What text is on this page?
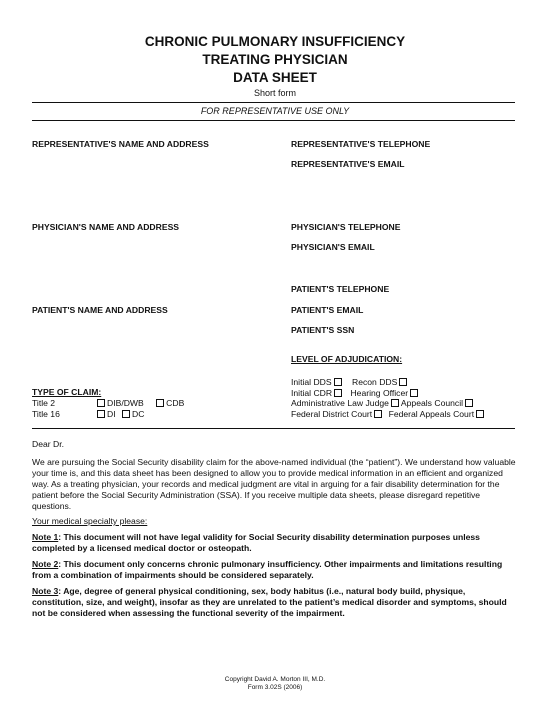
CHRONIC PULMONARY INSUFFICIENCY
TREATING PHYSICIAN
DATA SHEET
Short form
FOR REPRESENTATIVE USE ONLY
REPRESENTATIVE'S NAME AND ADDRESS	REPRESENTATIVE'S TELEPHONE
REPRESENTATIVE'S EMAIL
PHYSICIAN'S NAME AND ADDRESS	PHYSICIAN'S TELEPHONE
PHYSICIAN'S EMAIL
PATIENT'S TELEPHONE
PATIENT'S NAME AND ADDRESS	PATIENT'S EMAIL
PATIENT'S SSN
LEVEL OF ADJUDICATION:
Initial DDS Recon DDS
Initial CDR Hearing Officer
Administrative Law Judge Appeals Council
Federal District Court Federal Appeals Court
TYPE OF CLAIM:
Title 2	DIB/DWB	CDB
Title 16	DI DC
Dear Dr.
We are pursuing the Social Security disability claim for the above-named individual (the “patient”). We understand how valuable your time is, and this data sheet has been designed to allow you to provide medical information in an efficient and organized way. As a treating physician, your records and medical judgment are vital in arguing for a fair disability determination for the patient before the Social Security Administration (SSA). If you receive multiple data sheets, please disregard repetitive questions.
Your medical specialty please:
Note 1: This document will not have legal validity for Social Security disability determination purposes unless completed by a licensed medical doctor or osteopath.
Note 2: This document only concerns chronic pulmonary insufficiency. Other impairments and limitations resulting from a combination of impairments should be considered separately.
Note 3: Age, degree of general physical conditioning, sex, body habitus (i.e., natural body build, physique, constitution, size, and weight), insofar as they are unrelated to the patient’s medical disorder and symptoms, should not be considered when assessing the functional severity of the impairment.
Copyright David A. Morton III, M.D.
Form 3.02S (2006)
